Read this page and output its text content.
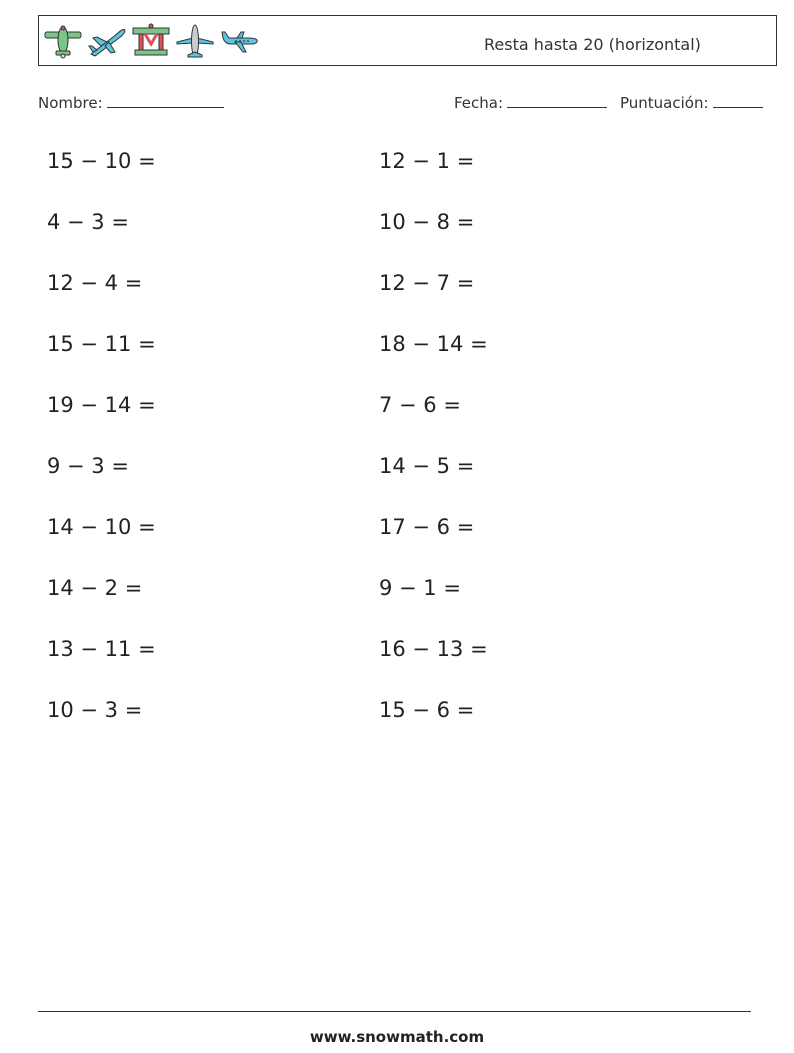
Resta hasta 20 (horizontal)
Nombre:	Fecha:	Puntuación:
15 − 10 =
4 − 3 =
12 − 4 =
15 − 11 =
19 − 14 =
9 − 3 =
14 − 10 =
14 − 2 =
13 − 11 =
10 − 3 =
12 − 1 =
10 − 8 =
12 − 7 =
18 − 14 =
7 − 6 =
14 − 5 =
17 − 6 =
9 − 1 =
16 − 13 =
15 − 6 =
www.snowmath.com
